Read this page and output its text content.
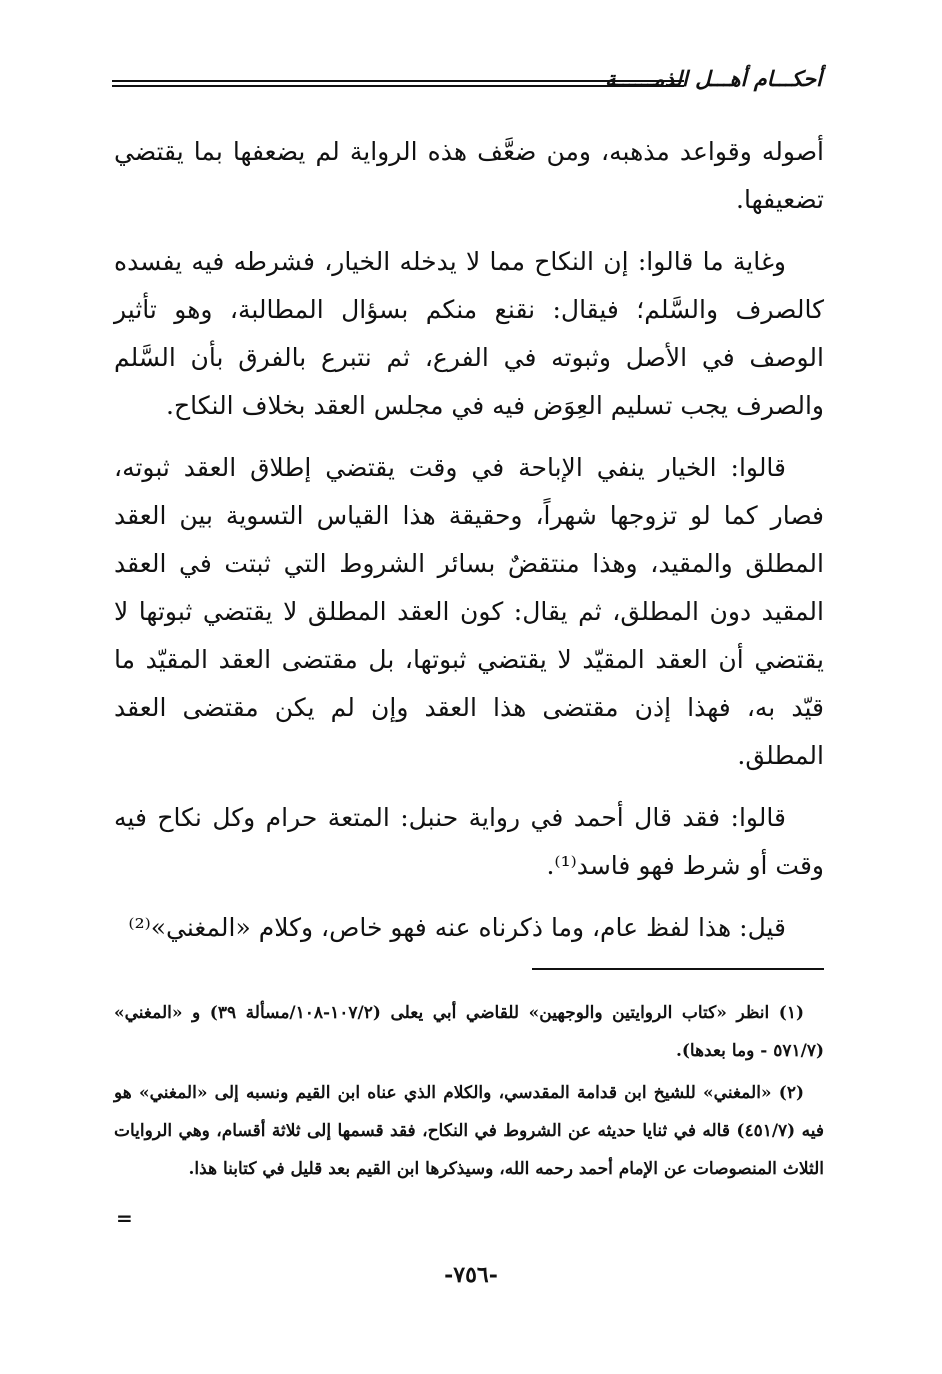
أحكـــام أهـــل الذمــــــة

أصوله وقواعد مذهبه، ومن ضعَّف هذه الرواية لم يضعفها بما يقتضي تضعيفها.

وغاية ما قالوا: إن النكاح مما لا يدخله الخيار، فشرطه فيه يفسده كالصرف والسَّلم؛ فيقال: نقنع منكم بسؤال المطالبة، وهو تأثير الوصف في الأصل وثبوته في الفرع، ثم نتبرع بالفرق بأن السَّلم والصرف يجب تسليم العِوَض فيه في مجلس العقد بخلاف النكاح.

قالوا: الخيار ينفي الإباحة في وقت يقتضي إطلاق العقد ثبوته، فصار كما لو تزوجها شهراً، وحقيقة هذا القياس التسوية بين العقد المطلق والمقيد، وهذا منتقضٌ بسائر الشروط التي ثبتت في العقد المقيد دون المطلق، ثم يقال: كون العقد المطلق لا يقتضي ثبوتها لا يقتضي أن العقد المقيّد لا يقتضي ثبوتها، بل مقتضى العقد المقيّد ما قيّد به، فهذا إذن مقتضى هذا العقد وإن لم يكن مقتضى العقد المطلق.

قالوا: فقد قال أحمد في رواية حنبل: المتعة حرام وكل نكاح فيه وقت أو شرط فهو فاسد⁽¹⁾.

قيل: هذا لفظ عام، وما ذكرناه عنه فهو خاص، وكلام «المغني»⁽²⁾

(١) انظر «كتاب الروايتين والوجهين» للقاضي أبي يعلى (١٠٧/٢-١٠٨/مسألة ٣٩) و «المغني» (٥٧١/٧ - وما بعدها).

(٢) «المغني» للشيخ ابن قدامة المقدسي، والكلام الذي عناه ابن القيم ونسبه إلى «المغني» هو فيه (٤٥١/٧) قاله في ثنايا حديثه عن الشروط في النكاح، فقد قسمها إلى ثلاثة أقسام، وهي الروايات الثلاث المنصوصات عن الإمام أحمد رحمه الله، وسيذكرها ابن القيم بعد قليل في كتابنا هذا.

=
-٧٥٦-
